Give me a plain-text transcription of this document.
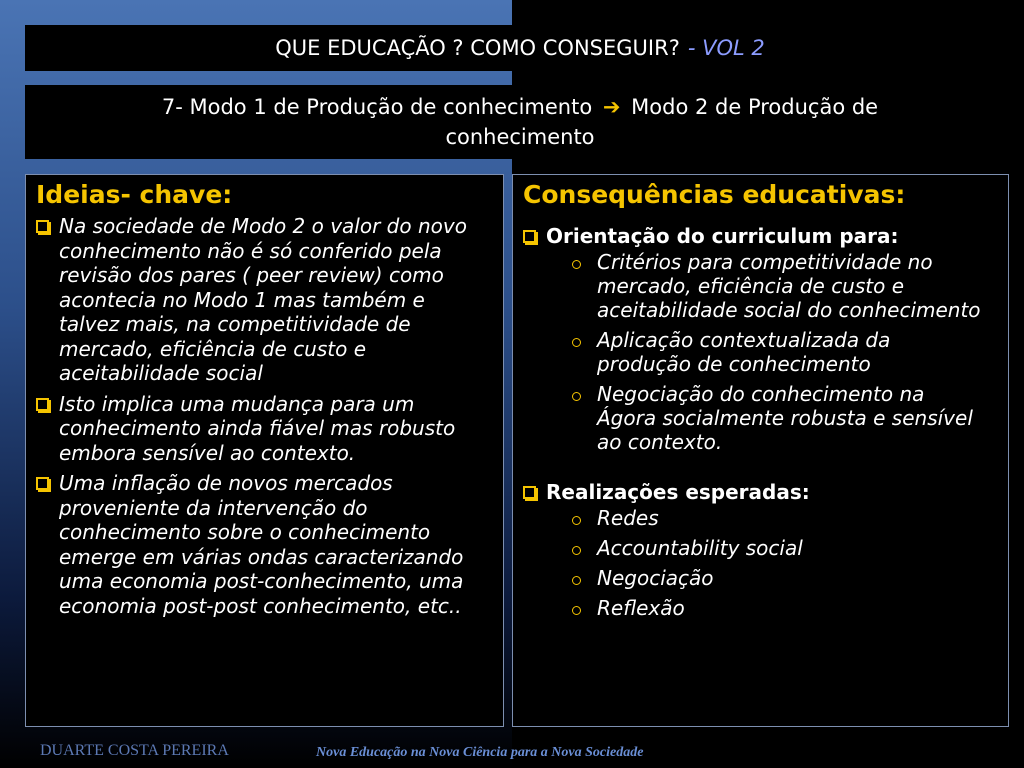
QUE EDUCAÇÃO ? COMO CONSEGUIR? - VOL 2
7- Modo 1 de Produção de conhecimento ➔ Modo 2 de Produção de
conhecimento
Ideias- chave:
Na sociedade de Modo 2 o valor do novo conhecimento não é só conferido pela revisão dos pares ( peer review) como acontecia no Modo 1 mas também e talvez mais, na competitividade de mercado, eficiência de custo e aceitabilidade social
Isto implica uma mudança para um conhecimento ainda fiável mas robusto embora sensível ao contexto.
Uma inflação de novos mercados proveniente da intervenção do conhecimento sobre o conhecimento emerge em várias ondas caracterizando uma economia post-conhecimento, uma economia post-post conhecimento, etc..
Consequências educativas:
Orientação do curriculum para:
Critérios para competitividade no mercado, eficiência de custo e aceitabilidade social do conhecimento
Aplicação contextualizada da produção de conhecimento
Negociação do conhecimento na Ágora socialmente robusta e sensível ao contexto.
Realizações esperadas:
Redes
Accountability social
Negociação
Reflexão
DUARTE COSTA PEREIRA	Nova Educação na Nova Ciência para a Nova Sociedade
